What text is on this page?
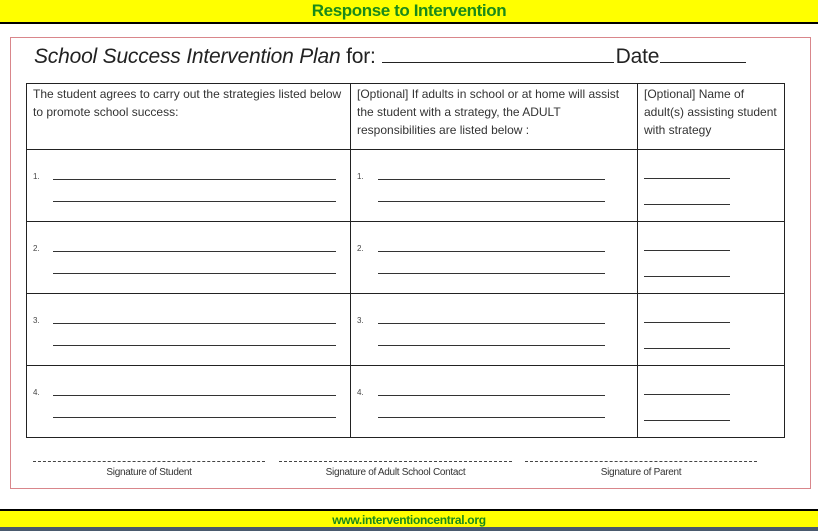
Response to Intervention
School Success Intervention Plan for:	Date
The student agrees to carry out the strategies listed below to promote school success:	[Optional] If adults in school or at home will assist the student with a strategy, the ADULT responsibilities are listed below :	[Optional] Name of adult(s) assisting student with strategy

1.	1.	

2.	2.	

3.	3.	

4.	4.	

Signature of Student	Signature of Adult School Contact	Signature of Parent
www.interventioncentral.org
